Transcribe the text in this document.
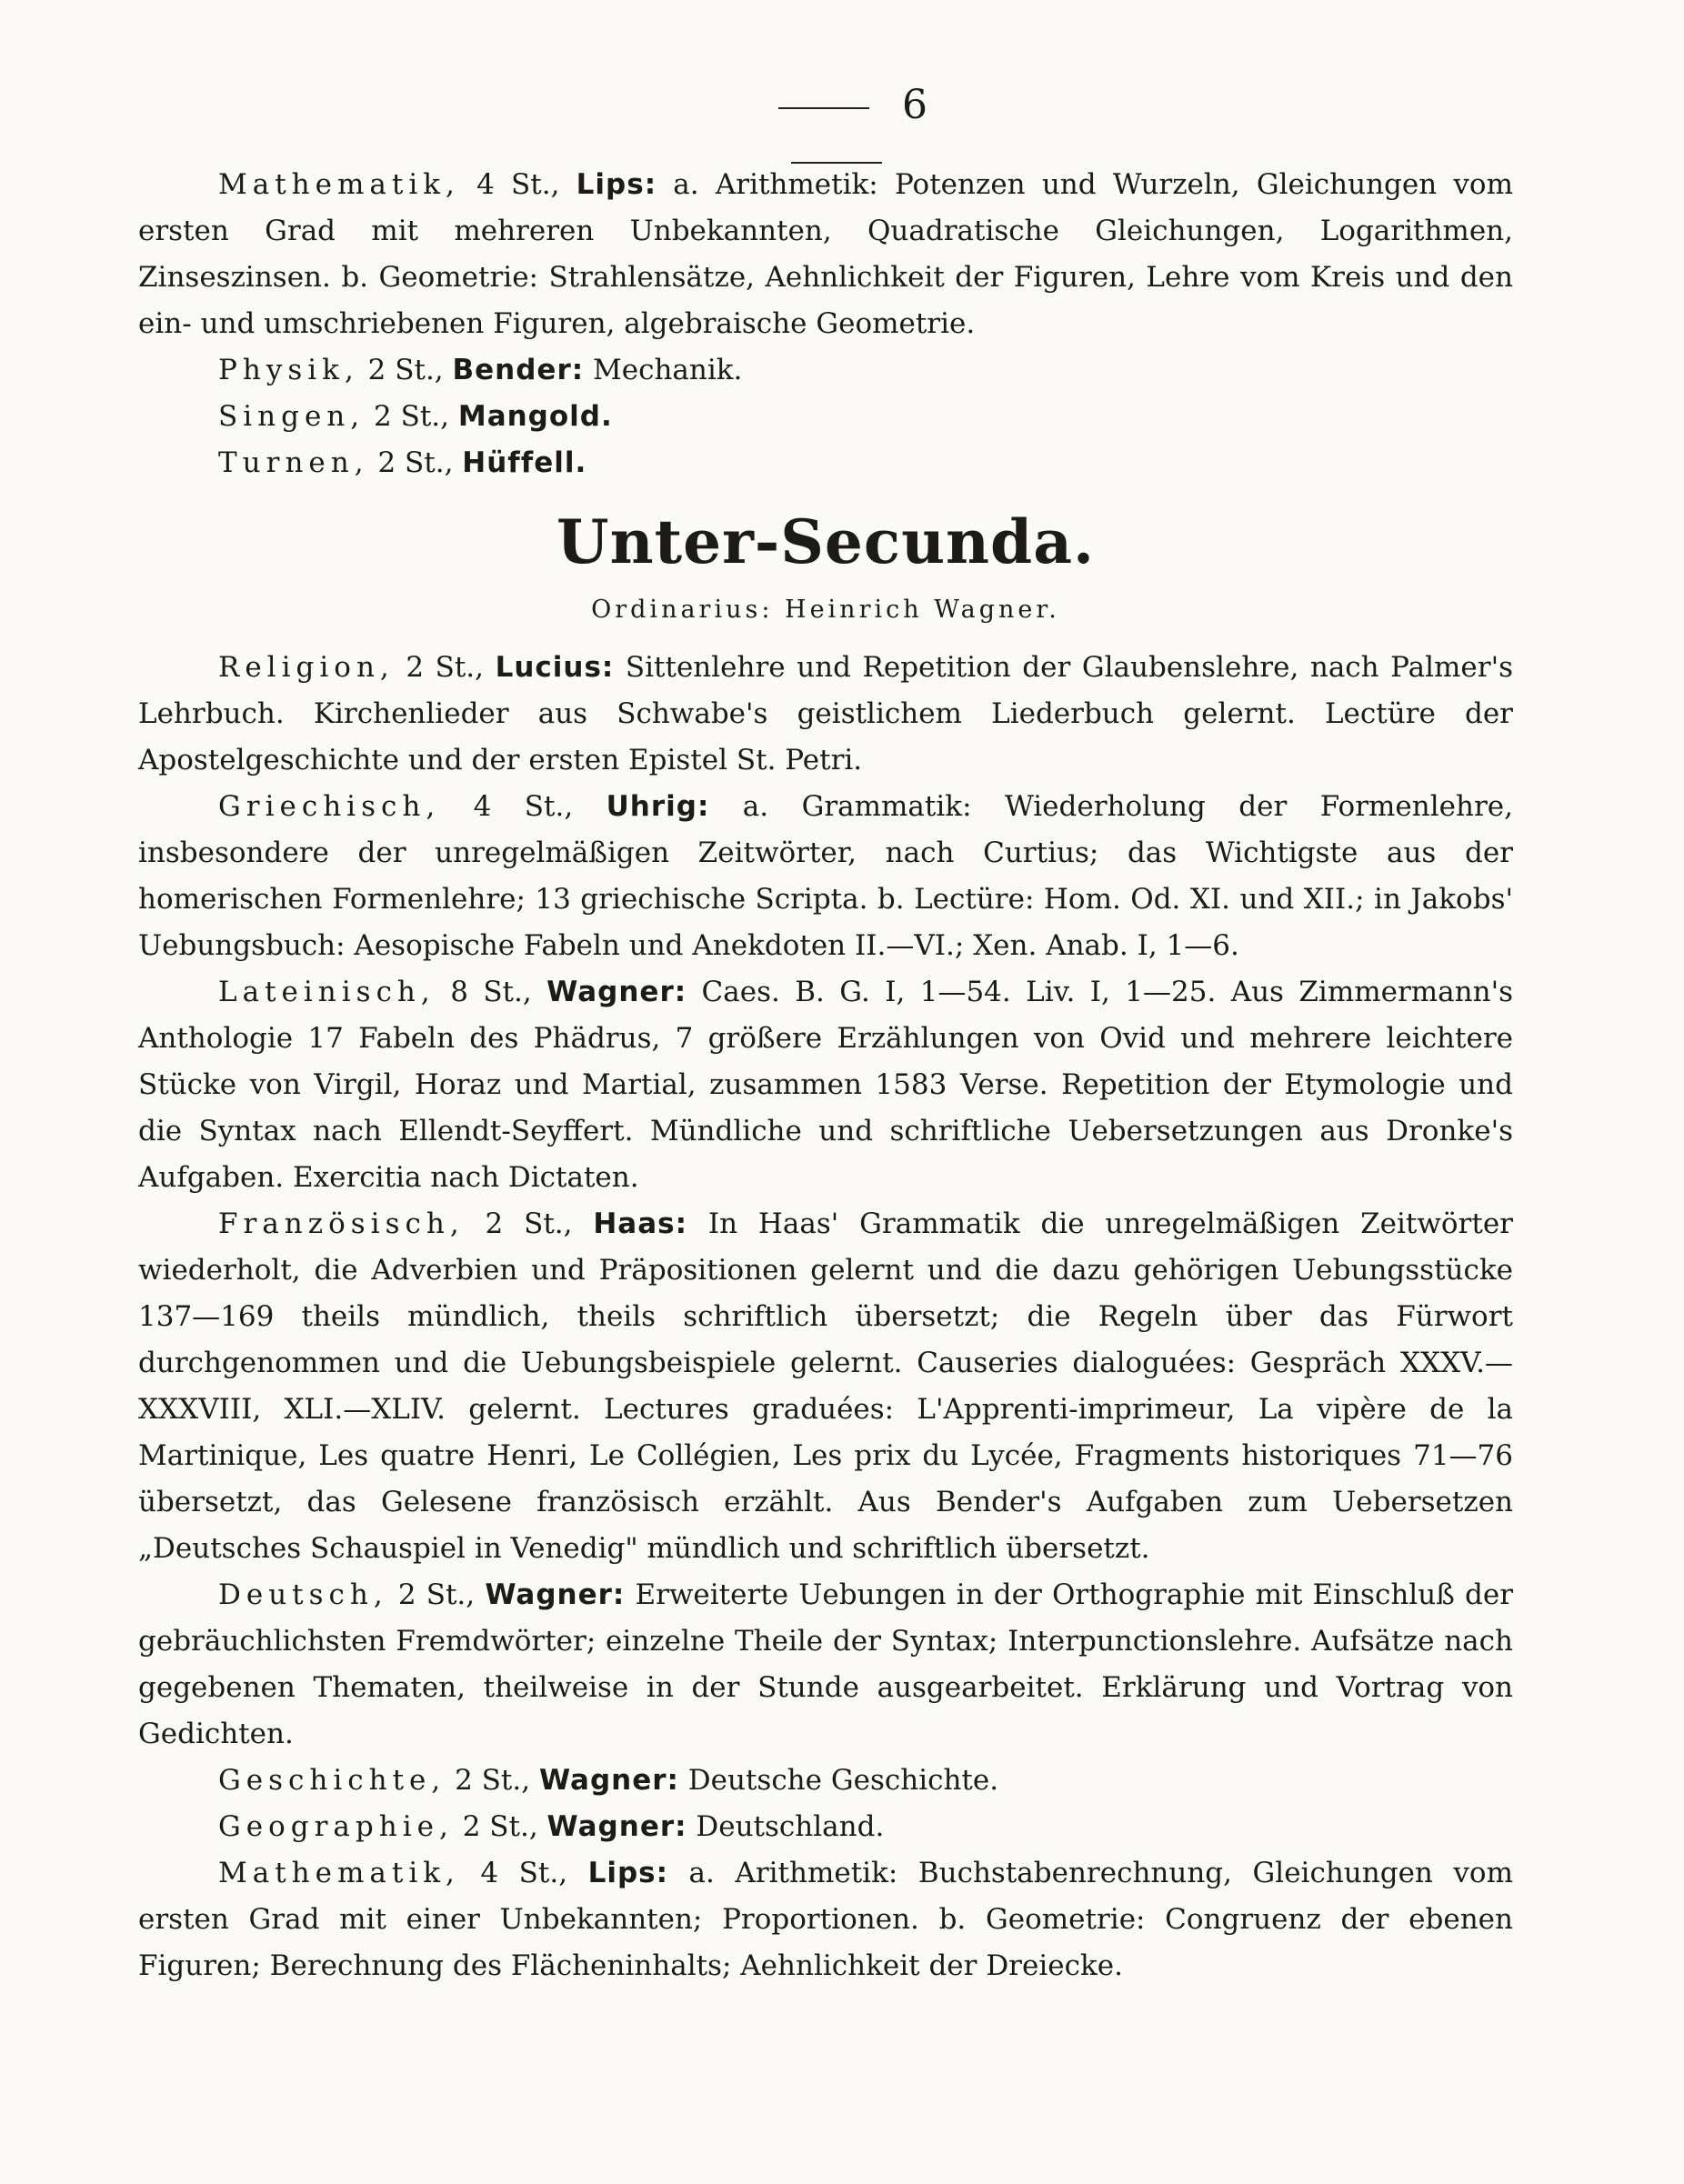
6

Mathematik, 4 St., Lips: a. Arithmetik: Potenzen und Wurzeln, Gleichungen vom ersten Grad mit mehreren Unbekannten, Quadratische Gleichungen, Logarithmen, Zinseszinsen. b. Geometrie: Strahlensätze, Aehnlichkeit der Figuren, Lehre vom Kreis und den ein- und umschriebenen Figuren, algebraische Geometrie.

Physik, 2 St., Bender: Mechanik.

Singen, 2 St., Mangold.

Turnen, 2 St., Hüffell.

Unter-Secunda.

Ordinarius: Heinrich Wagner.

Religion, 2 St., Lucius: Sittenlehre und Repetition der Glaubenslehre, nach Palmer's Lehrbuch. Kirchenlieder aus Schwabe's geistlichem Liederbuch gelernt. Lectüre der Apostelgeschichte und der ersten Epistel St. Petri.

Griechisch, 4 St., Uhrig: a. Grammatik: Wiederholung der Formenlehre, insbesondere der unregelmäßigen Zeitwörter, nach Curtius; das Wichtigste aus der homerischen Formenlehre; 13 griechische Scripta. b. Lectüre: Hom. Od. XI. und XII.; in Jakobs' Uebungsbuch: Aesopische Fabeln und Anekdoten II.—VI.; Xen. Anab. I, 1—6.

Lateinisch, 8 St., Wagner: Caes. B. G. I, 1—54. Liv. I, 1—25. Aus Zimmermann's Anthologie 17 Fabeln des Phädrus, 7 größere Erzählungen von Ovid und mehrere leichtere Stücke von Virgil, Horaz und Martial, zusammen 1583 Verse. Repetition der Etymologie und die Syntax nach Ellendt-Seyffert. Mündliche und schriftliche Uebersetzungen aus Dronke's Aufgaben. Exercitia nach Dictaten.

Französisch, 2 St., Haas: In Haas' Grammatik die unregelmäßigen Zeitwörter wiederholt, die Adverbien und Präpositionen gelernt und die dazu gehörigen Uebungsstücke 137—169 theils mündlich, theils schriftlich übersetzt; die Regeln über das Fürwort durchgenommen und die Uebungsbeispiele gelernt. Causeries dialoguées: Gespräch XXXV.—XXXVIII, XLI.—XLIV. gelernt. Lectures graduées: L'Apprenti-imprimeur, La vipère de la Martinique, Les quatre Henri, Le Collégien, Les prix du Lycée, Fragments historiques 71—76 übersetzt, das Gelesene französisch erzählt. Aus Bender's Aufgaben zum Uebersetzen „Deutsches Schauspiel in Venedig" mündlich und schriftlich übersetzt.

Deutsch, 2 St., Wagner: Erweiterte Uebungen in der Orthographie mit Einschluß der gebräuchlichsten Fremdwörter; einzelne Theile der Syntax; Interpunctionslehre. Aufsätze nach gegebenen Thematen, theilweise in der Stunde ausgearbeitet. Erklärung und Vortrag von Gedichten.

Geschichte, 2 St., Wagner: Deutsche Geschichte.

Geographie, 2 St., Wagner: Deutschland.

Mathematik, 4 St., Lips: a. Arithmetik: Buchstabenrechnung, Gleichungen vom ersten Grad mit einer Unbekannten; Proportionen. b. Geometrie: Congruenz der ebenen Figuren; Berechnung des Flächeninhalts; Aehnlichkeit der Dreiecke.
